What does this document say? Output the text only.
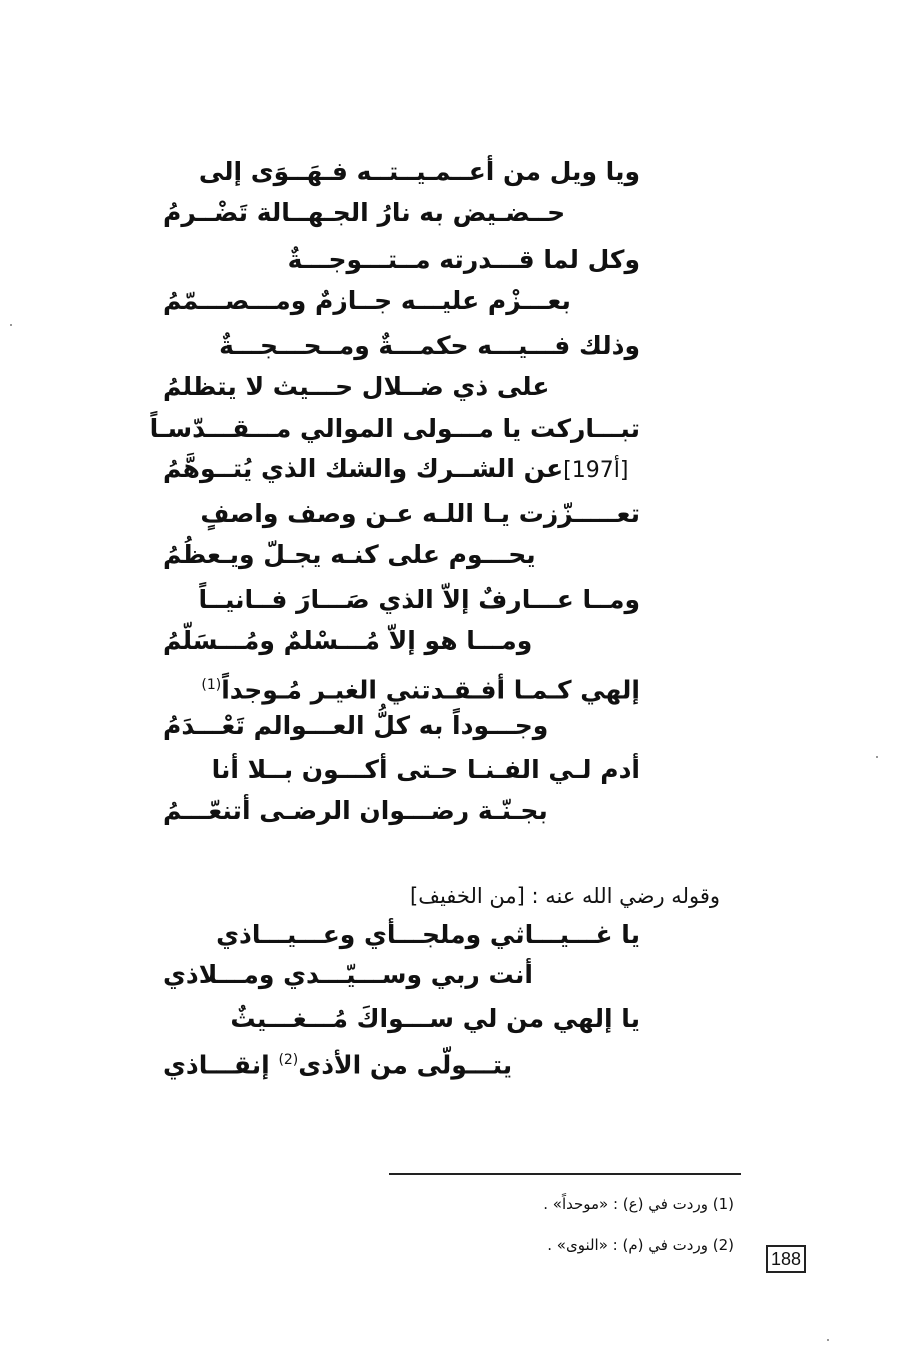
ويا ويل من أعــمـيــتــه فـهَــوَى إلى
حــضـيض به نارُ الجـهــالة تَضْــرمُ
وكل لما قـــدرته مــتـــوجـــةٌ
بعـــزْم عليـــه جــازمٌ ومـــصـــمّمُ
وذلك فـــيـــه حكمـــةٌ ومــحـــجـــةٌ
على ذي ضــلال حـــيث لا يتظلمُ
تبـــاركت يا مـــولى الموالي مـــقـــدّسـاً
[197أ]عن الشــرك والشك الذي يُتــوهَّمُ
تعـــــزّزت يـا اللـه عـن وصف واصفٍ
يحـــوم على كنـه يجـلّ ويـعظُمُ
ومــا عـــارفٌ إلاّ الذي صَـــارَ فــانيــاً
ومـــا هو إلاّ مُـــسْلمٌ ومُـــسَلّمُ
إلهي كـمـا أفـقـدتني الغيـر مُـوجداً$^{(1)}$
وجـــوداً به كلُّ العـــوالم تَعْـــدَمُ
أدم لـي الفـنـا حـتى أكـــون بــلا أنا
بجـنّـة رضـــوان الرضـى أتنعّـــمُ
وقوله رضي الله عنه : [من الخفيف]
يا غـــيـــاثي وملجـــأي وعـــيـــاذي
أنت ربي وســـيّـــدي ومـــلاذي
يا إلهي من لي ســـواكَ مُـــغـــيثٌ
يتـــولّى من الأذى$^{(2)}$ إنقـــاذي
(1) وردت في (ع) : «موحداً» .
(2) وردت في (م) : «النوى» .
188
